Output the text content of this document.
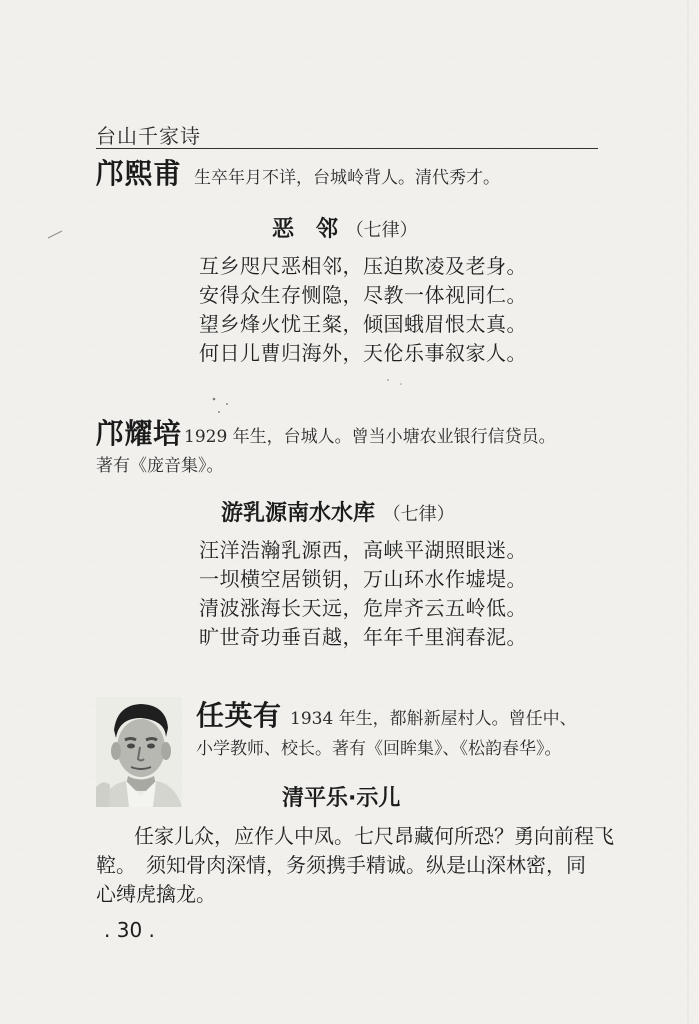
台山千家诗
邝熙甫 生卒年月不详，台城岭背人。清代秀才。
恶　邻 （七律）
互乡咫尺恶相邻，压迫欺凌及老身。
安得众生存恻隐，尽教一体视同仁。
望乡烽火忧王粲，倾国蛾眉恨太真。
何日儿曹归海外，天伦乐事叙家人。
邝耀培 1929 年生，台城人。曾当小塘农业银行信贷员。
著有《庞音集》。
游乳源南水水库 （七律）
汪洋浩瀚乳源西，高峡平湖照眼迷。
一坝横空居锁钥，万山环水作墟堤。
清波涨海长天远，危岸齐云五岭低。
旷世奇功垂百越，年年千里润春泥。
任英有 1934 年生，都斛新屋村人。曾任中、
小学教师、校长。著有《回眸集》、《松韵春华》。
清平乐·示儿
任家儿众，应作人中凤。七尺昂藏何所恐？勇向前程飞
鞚。　须知骨肉深情，务须携手精诚。纵是山深林密，同
心缚虎擒龙。
. 30 .
